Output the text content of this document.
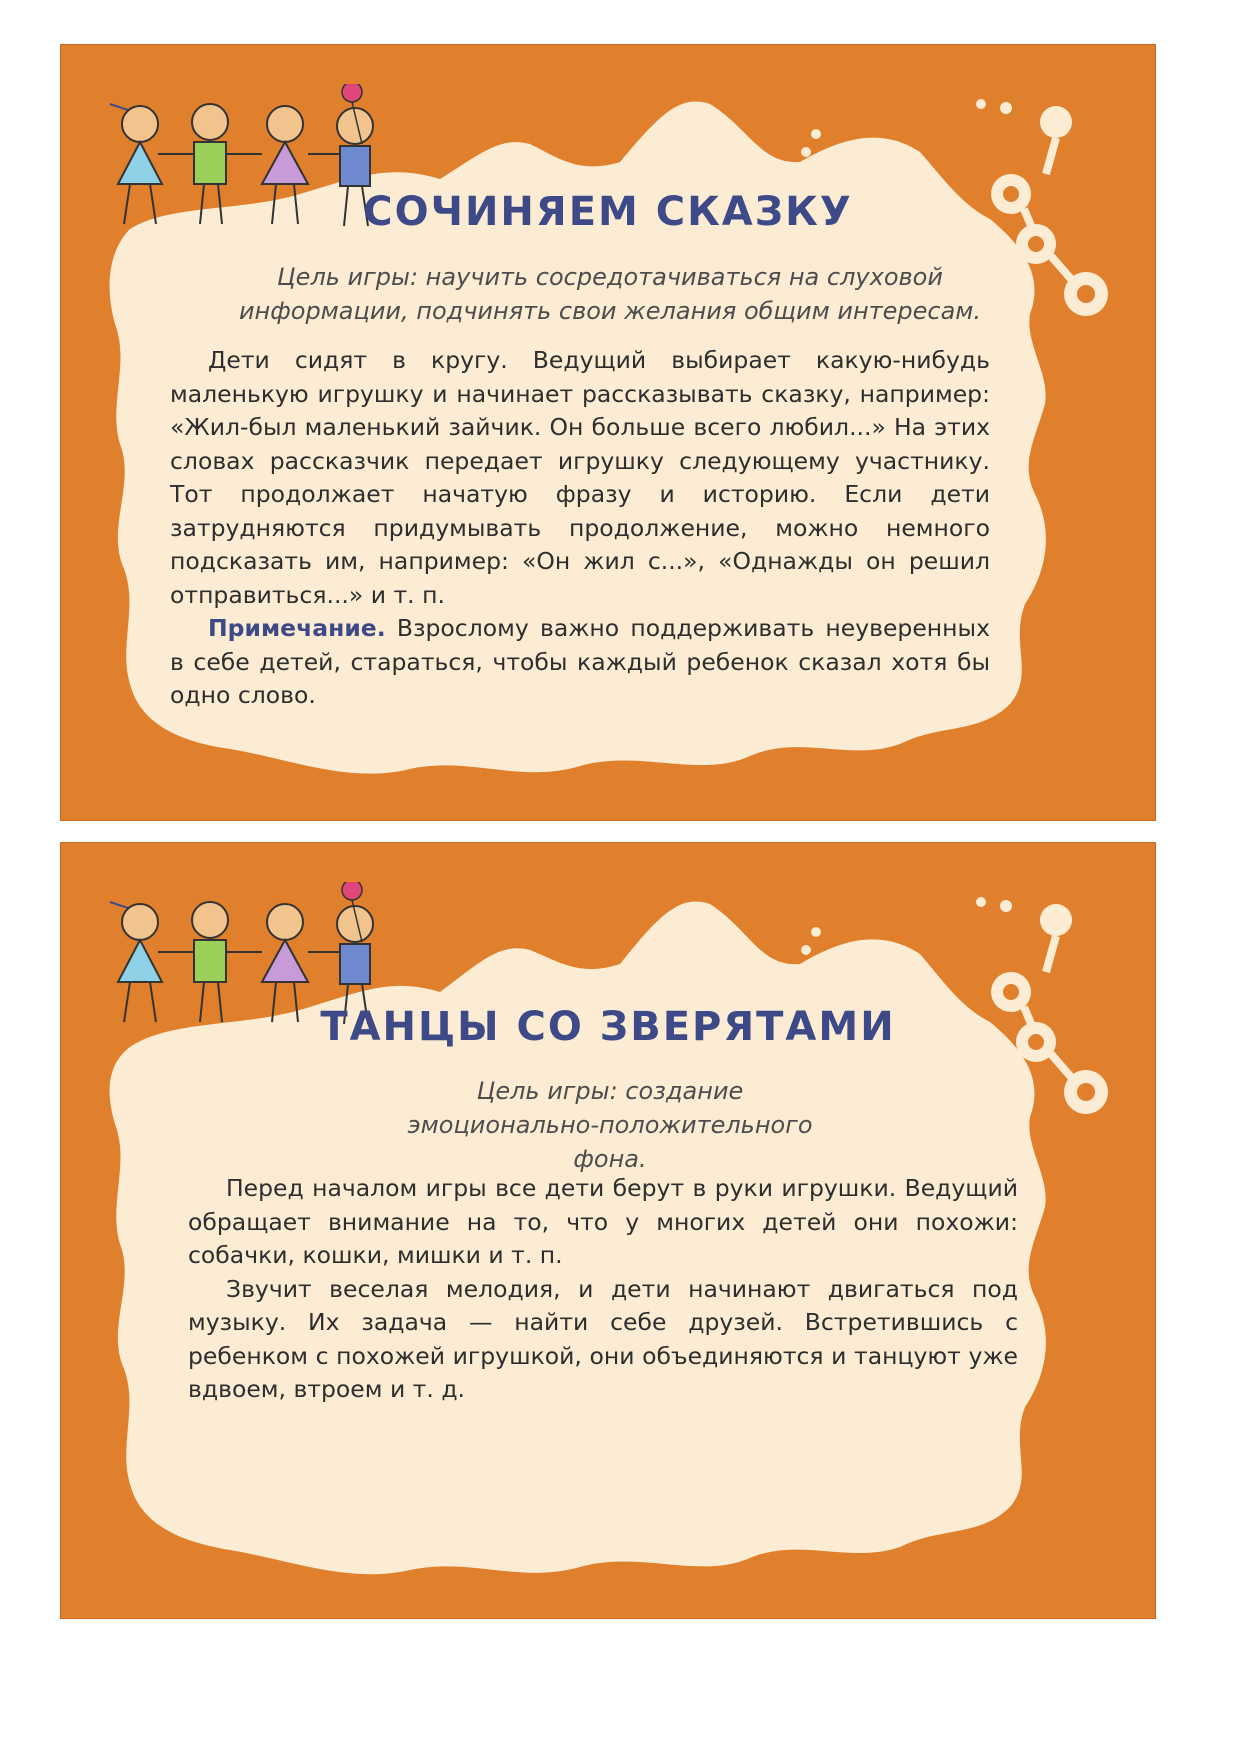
СОЧИНЯЕМ СКАЗКУ
Цель игры: научить сосредотачиваться на слуховой информации, подчинять свои желания общим интересам.

Дети сидят в кругу. Ведущий выбирает какую-нибудь маленькую игрушку и начинает рассказывать сказку, например: «Жил-был маленький зайчик. Он больше всего любил...» На этих словах рассказчик передает игрушку следующему участнику. Тот продолжает начатую фразу и историю. Если дети затрудняются придумывать продолжение, можно немного подсказать им, например: «Он жил с...», «Однажды он решил отправиться...» и т. п.

Примечание. Взрослому важно поддерживать неуверенных в себе детей, стараться, чтобы каждый ребенок сказал хотя бы одно слово.

ТАНЦЫ СО ЗВЕРЯТАМИ
Цель игры: создание эмоционально-положительного фона.

Перед началом игры все дети берут в руки игрушки. Ведущий обращает внимание на то, что у многих детей они похожи: собачки, кошки, мишки и т. п.

Звучит веселая мелодия, и дети начинают двигаться под музыку. Их задача — найти себе друзей. Встретившись с ребенком с похожей игрушкой, они объединяются и танцуют уже вдвоем, втроем и т. д.
